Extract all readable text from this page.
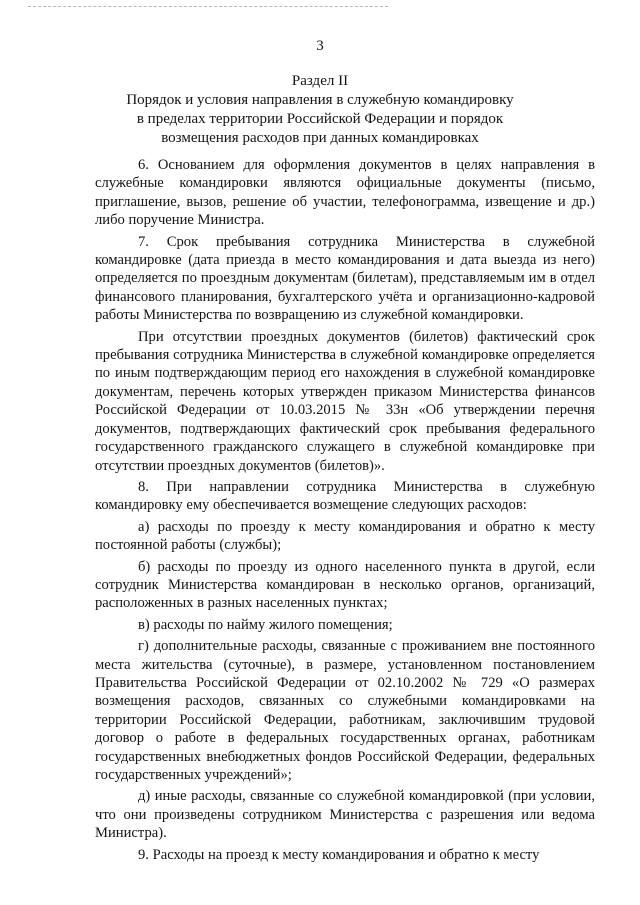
3
Раздел II
Порядок и условия направления в служебную командировку
в пределах территории Российской Федерации и порядок
возмещения расходов при данных командировках

6. Основанием для оформления документов в целях направления в служебные командировки являются официальные документы (письмо, приглашение, вызов, решение об участии, телефонограмма, извещение и др.) либо поручение Министра.

7. Срок пребывания сотрудника Министерства в служебной командировке (дата приезда в место командирования и дата выезда из него) определяется по проездным документам (билетам), представляемым им в отдел финансового планирования, бухгалтерского учёта и организационно-кадровой работы Министерства по возвращению из служебной командировки.

При отсутствии проездных документов (билетов) фактический срок пребывания сотрудника Министерства в служебной командировке определяется по иным подтверждающим период его нахождения в служебной командировке документам, перечень которых утвержден приказом Министерства финансов Российской Федерации от 10.03.2015 № 33н «Об утверждении перечня документов, подтверждающих фактический срок пребывания федерального государственного гражданского служащего в служебной командировке при отсутствии проездных документов (билетов)».

8. При направлении сотрудника Министерства в служебную командировку ему обеспечивается возмещение следующих расходов:

а) расходы по проезду к месту командирования и обратно к месту постоянной работы (службы);

б) расходы по проезду из одного населенного пункта в другой, если сотрудник Министерства командирован в несколько органов, организаций, расположенных в разных населенных пунктах;

в) расходы по найму жилого помещения;

г) дополнительные расходы, связанные с проживанием вне постоянного места жительства (суточные), в размере, установленном постановлением Правительства Российской Федерации от 02.10.2002 № 729 «О размерах возмещения расходов, связанных со служебными командировками на территории Российской Федерации, работникам, заключившим трудовой договор о работе в федеральных государственных органах, работникам государственных внебюджетных фондов Российской Федерации, федеральных государственных учреждений»;

д) иные расходы, связанные со служебной командировкой (при условии, что они произведены сотрудником Министерства с разрешения или ведома Министра).

9. Расходы на проезд к месту командирования и обратно к месту
